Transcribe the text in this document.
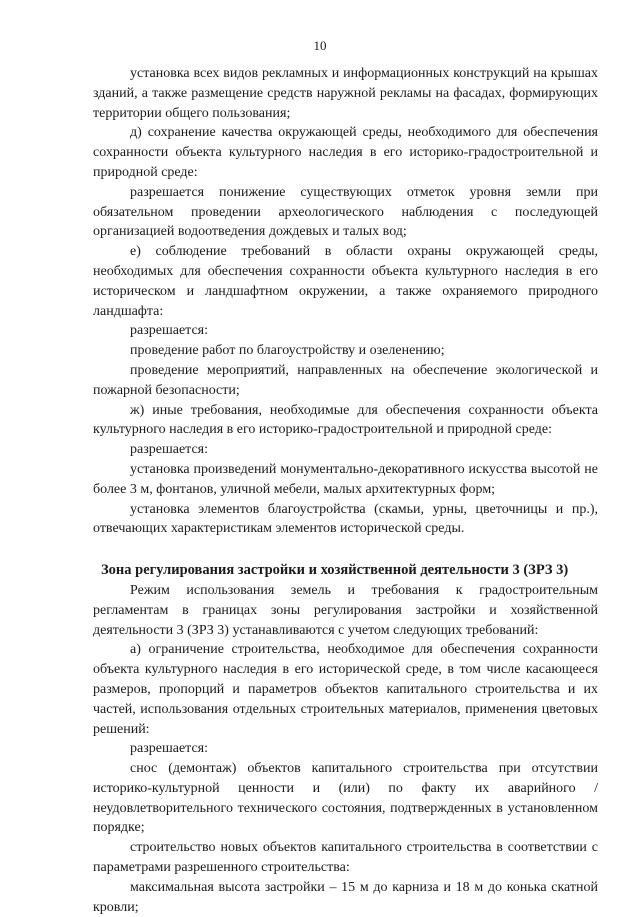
10

установка всех видов рекламных и информационных конструкций на крышах зданий, а также размещение средств наружной рекламы на фасадах, формирующих территории общего пользования;

д) сохранение качества окружающей среды, необходимого для обеспечения сохранности объекта культурного наследия в его историко-градостроительной и природной среде:

разрешается понижение существующих отметок уровня земли при обязательном проведении археологического наблюдения с последующей организацией водоотведения дождевых и талых вод;

е) соблюдение требований в области охраны окружающей среды, необходимых для обеспечения сохранности объекта культурного наследия в его историческом и ландшафтном окружении, а также охраняемого природного ландшафта:

разрешается:

проведение работ по благоустройству и озеленению;

проведение мероприятий, направленных на обеспечение экологической и пожарной безопасности;

ж) иные требования, необходимые для обеспечения сохранности объекта культурного наследия в его историко-градостроительной и природной среде:

разрешается:

установка произведений монументально-декоративного искусства высотой не более 3 м, фонтанов, уличной мебели, малых архитектурных форм;

установка элементов благоустройства (скамьи, урны, цветочницы и пр.), отвечающих характеристикам элементов исторической среды.

Зона регулирования застройки и хозяйственной деятельности 3 (ЗРЗ 3)

Режим использования земель и требования к градостроительным регламентам в границах зоны регулирования застройки и хозяйственной деятельности 3 (ЗРЗ 3) устанавливаются с учетом следующих требований:

а) ограничение строительства, необходимое для обеспечения сохранности объекта культурного наследия в его исторической среде, в том числе касающееся размеров, пропорций и параметров объектов капитального строительства и их частей, использования отдельных строительных материалов, применения цветовых решений:

разрешается:

снос (демонтаж) объектов капитального строительства при отсутствии историко-культурной ценности и (или) по факту их аварийного / неудовлетворительного технического состояния, подтвержденных в установленном порядке;

строительство новых объектов капитального строительства в соответствии с параметрами разрешенного строительства:

максимальная высота застройки – 15 м до карниза и 18 м до конька скатной кровли;
